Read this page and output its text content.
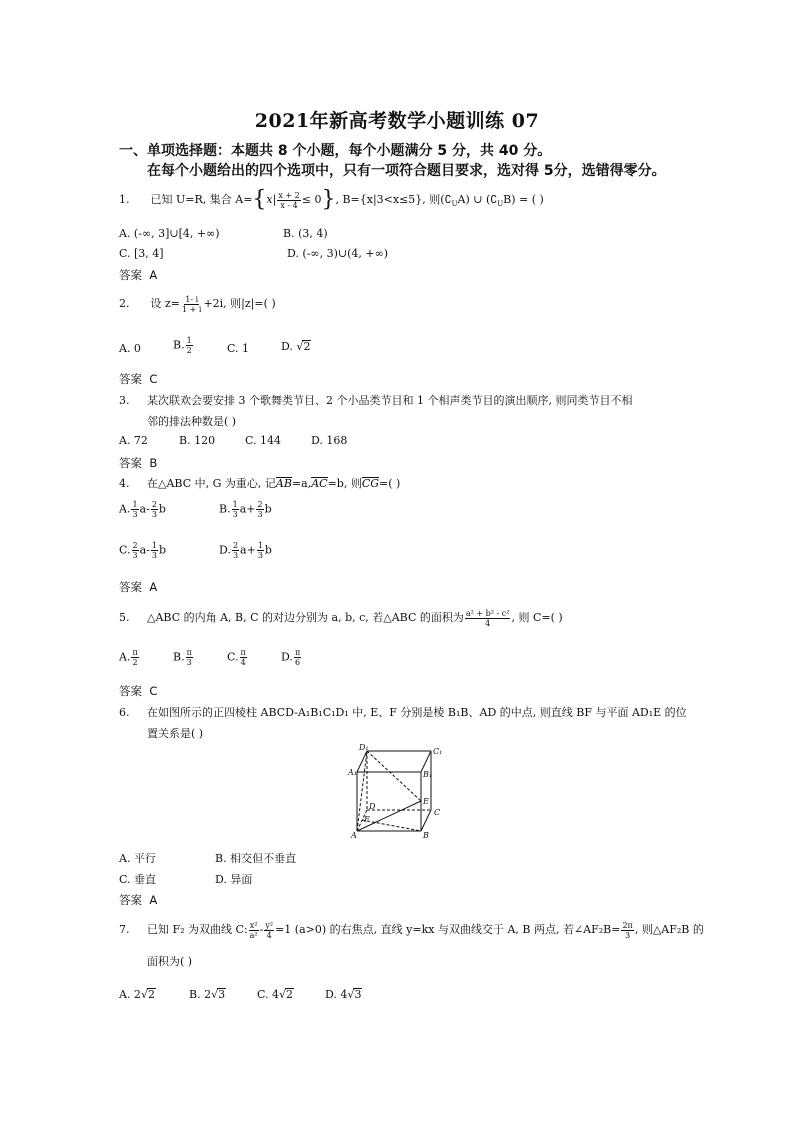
2021年新高考数学小题训练 07
一、单项选择题：本题共 8 个小题，每个小题满分 5 分，共 40 分。
在每个小题给出的四个选项中，只有一项符合题目要求，选对得 5分，选错得零分。
1. 已知 U=R, 集合 $A=\{x| \frac{x + 2}{x - 4} \le 0\}$, B={x|3<x≤5}, 则$(∁_UA)$ ∪ $(∁_UB)$ = ( )
A. (-∞, 3]∪[4, +∞)	B. (3, 4)
C. [3, 4]	D. (-∞, 3)∪(4, +∞)
答案 A
2. 设 $z= \frac{1- i}{1 + i} +2i$, 则|z|=( )
A. 0	B. $\frac{1}{2}$	C. 1	D. √2
答案 C
3. 某次联欢会要安排 3 个歌舞类节目、2 个小品类节目和 1 个相声类节目的演出顺序, 则同类节目不相
邻的排法种数是( )
A. 72	B. 120	C. 144	D. 168
答案 B
4. 在△ABC 中, G 为重心, 记AB=a,AC=b, 则CG=( )
A. $\frac{1}{3} a- \frac{2}{3}$ b	B. $\frac{1}{3} a+ \frac{2}{3}$ b
C. $\frac{2}{3} a- \frac{1}{3}$ b	D. $\frac{2}{3} a+ \frac{1}{3}$ b
答案 A
5. △ABC 的内角 A, B, C 的对边分别为 a, b, c, 若△ABC 的面积为 $\frac{\text{a² + b² - c²}}{4}$ , 则 C=( )
A. $\frac{\pi}{2}$	B. $\frac{\pi}{3}$	C. $\frac{\pi}{4}$	D. $\frac{\pi}{6}$
答案 C
6. 在如图所示的正四棱柱 ABCD-A₁B₁C₁D₁ 中, E、F 分别是棱 B₁B、AD 的中点, 则直线 BF 与平面 AD₁E 的位
置关系是( )
D₁	C₁
A₁	B₁
D
C
E
F
A	B
A. 平行	B. 相交但不垂直
C. 垂直	D. 异面
答案 A
7. 已知 F₂ 为双曲线 C: $\frac{\text{x²}}{\text{a²}} - \frac{\text{y²}}{4} =1$ (a>0) 的右焦点, 直线 y=kx 与双曲线交于 A, B 两点, 若∠AF₂B= $\frac{2\pi}{3}$ , 则△AF₂B 的
面积为( )
A. 2√2	B. 2√3	C. 4√2	D. 4√3
